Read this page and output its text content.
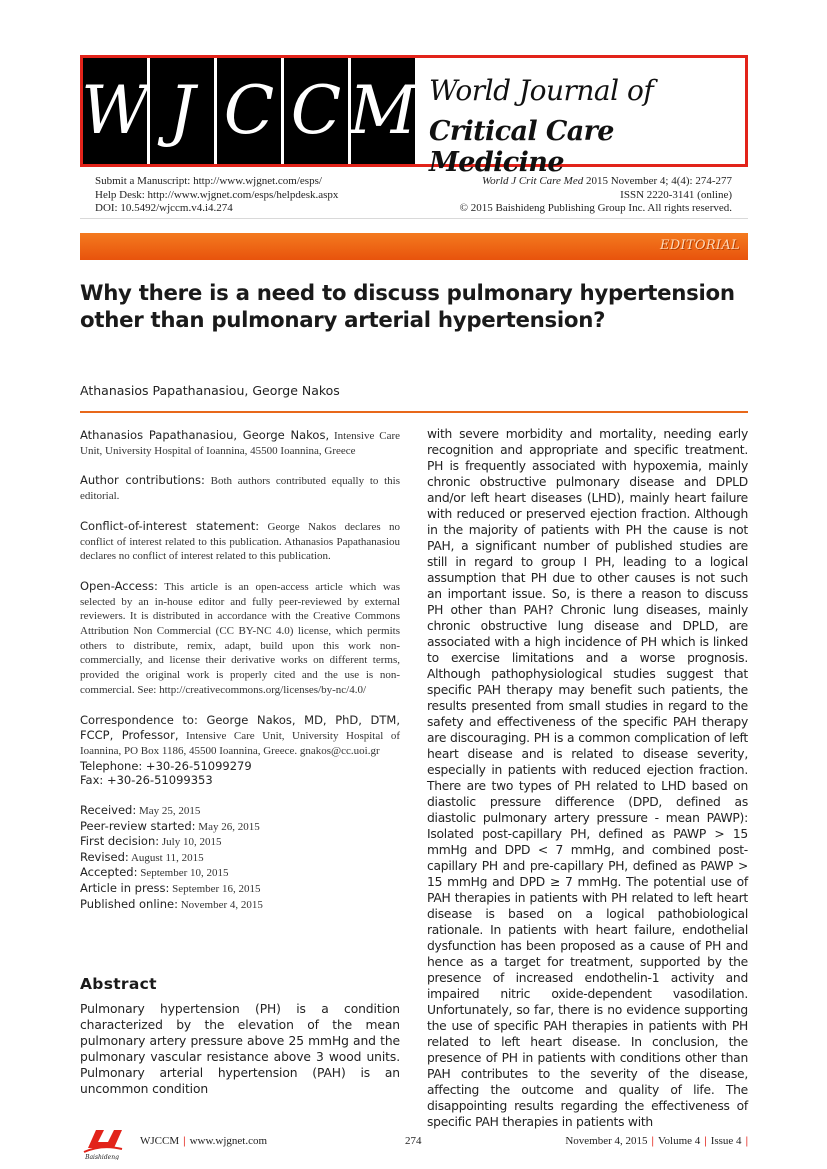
W J C C M World Journal of
Critical Care Medicine
Submit a Manuscript: http://www.wjgnet.com/esps/
Help Desk: http://www.wjgnet.com/esps/helpdesk.aspx
DOI: 10.5492/wjccm.v4.i4.274
World J Crit Care Med 2015 November 4; 4(4): 274-277
ISSN 2220-3141 (online)
© 2015 Baishideng Publishing Group Inc. All rights reserved.
EDITORIAL
Why there is a need to discuss pulmonary hypertension other than pulmonary arterial hypertension?
Athanasios Papathanasiou, George Nakos
Athanasios Papathanasiou, George Nakos, Intensive Care Unit, University Hospital of Ioannina, 45500 Ioannina, Greece
Author contributions: Both authors contributed equally to this editorial.
Conflict-of-interest statement: George Nakos declares no conflict of interest related to this publication. Athanasios Papathanasiou declares no conflict of interest related to this publication.
Open-Access: This article is an open-access article which was selected by an in-house editor and fully peer-reviewed by external reviewers. It is distributed in accordance with the Creative Commons Attribution Non Commercial (CC BY-NC 4.0) license, which permits others to distribute, remix, adapt, build upon this work non-commercially, and license their derivative works on different terms, provided the original work is properly cited and the use is non-commercial. See: http://creativecommons.org/licenses/by-nc/4.0/
Correspondence to: George Nakos, MD, PhD, DTM, FCCP, Professor, Intensive Care Unit, University Hospital of Ioannina, PO Box 1186, 45500 Ioannina, Greece. gnakos@cc.uoi.gr
Telephone: +30-26-51099279
Fax: +30-26-51099353
Received: May 25, 2015
Peer-review started: May 26, 2015
First decision: July 10, 2015
Revised: August 11, 2015
Accepted: September 10, 2015
Article in press: September 16, 2015
Published online: November 4, 2015
Abstract
Pulmonary hypertension (PH) is a condition characterized by the elevation of the mean pulmonary artery pressure above 25 mmHg and the pulmonary vascular resistance above 3 wood units. Pulmonary arterial hypertension (PAH) is an uncommon condition
with severe morbidity and mortality, needing early recognition and appropriate and specific treatment. PH is frequently associated with hypoxemia, mainly chronic obstructive pulmonary disease and DPLD and/or left heart diseases (LHD), mainly heart failure with reduced or preserved ejection fraction. Although in the majority of patients with PH the cause is not PAH, a significant number of published studies are still in regard to group I PH, leading to a logical assumption that PH due to other causes is not such an important issue. So, is there a reason to discuss PH other than PAH? Chronic lung diseases, mainly chronic obstructive lung disease and DPLD, are associated with a high incidence of PH which is linked to exercise limitations and a worse prognosis. Although pathophysiological studies suggest that specific PAH therapy may benefit such patients, the results presented from small studies in regard to the safety and effectiveness of the specific PAH therapy are discouraging. PH is a common complication of left heart disease and is related to disease severity, especially in patients with reduced ejection fraction. There are two types of PH related to LHD based on diastolic pressure difference (DPD, defined as diastolic pulmonary artery pressure - mean PAWP): Isolated post-capillary PH, defined as PAWP > 15 mmHg and DPD < 7 mmHg, and combined post-capillary PH and pre-capillary PH, defined as PAWP > 15 mmHg and DPD ≥ 7 mmHg. The potential use of PAH therapies in patients with PH related to left heart disease is based on a logical pathobiological rationale. In patients with heart failure, endothelial dysfunction has been proposed as a cause of PH and hence as a target for treatment, supported by the presence of increased endothelin-1 activity and impaired nitric oxide-dependent vasodilation. Unfortunately, so far, there is no evidence supporting the use of specific PAH therapies in patients with PH related to left heart disease. In conclusion, the presence of PH in patients with conditions other than PAH contributes to the severity of the disease, affecting the outcome and quality of life. The disappointing results regarding the effectiveness of specific PAH therapies in patients with
Baishideng
WJCCM | www.wjgnet.com	274	November 4, 2015 | Volume 4 | Issue 4 |
